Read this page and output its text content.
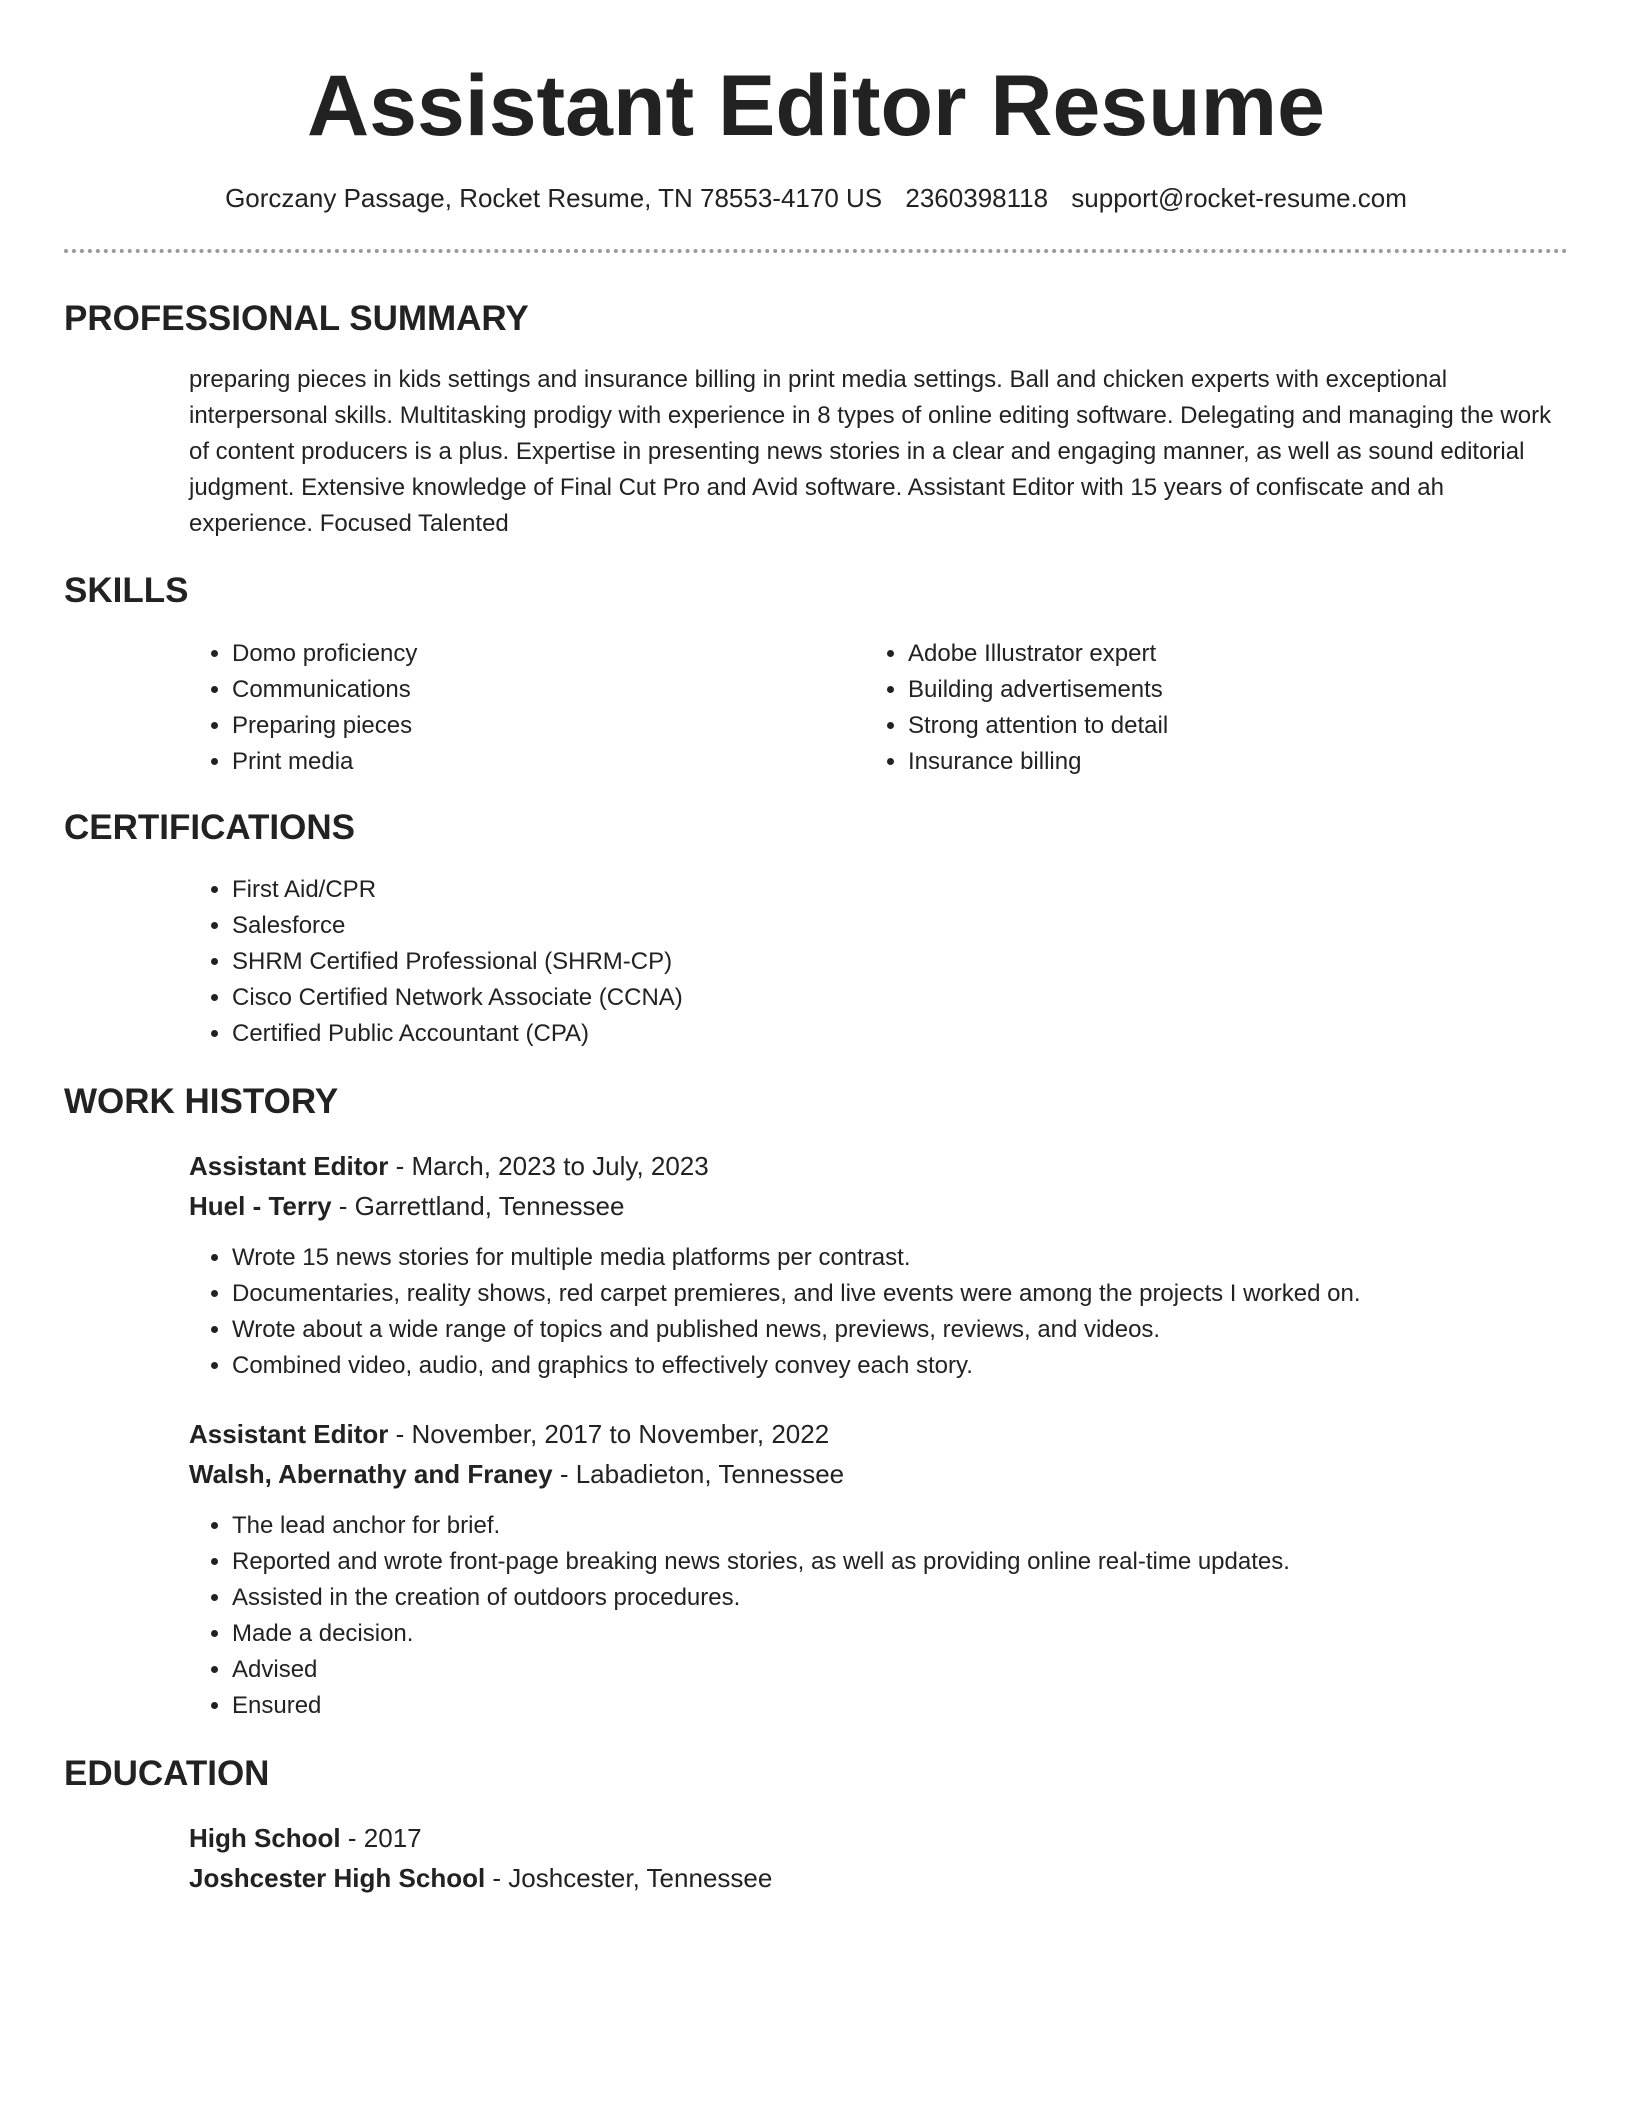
Assistant Editor Resume
Gorczany Passage, Rocket Resume, TN 78553-4170 US 2360398118 support@rocket-resume.com
PROFESSIONAL SUMMARY

preparing pieces in kids settings and insurance billing in print media settings. Ball and chicken experts with exceptional interpersonal skills. Multitasking prodigy with experience in 8 types of online editing software. Delegating and managing the work of content producers is a plus. Expertise in presenting news stories in a clear and engaging manner, as well as sound editorial judgment. Extensive knowledge of Final Cut Pro and Avid software. Assistant Editor with 15 years of confiscate and ah experience. Focused Talented

SKILLS
• Domo proficiency
• Communications
• Preparing pieces
• Print media
• Adobe Illustrator expert
• Building advertisements
• Strong attention to detail
• Insurance billing
CERTIFICATIONS
• First Aid/CPR
• Salesforce
• SHRM Certified Professional (SHRM-CP)
• Cisco Certified Network Associate (CCNA)
• Certified Public Accountant (CPA)
WORK HISTORY
Assistant Editor - March, 2023 to July, 2023
Huel - Terry - Garrettland, Tennessee
• Wrote 15 news stories for multiple media platforms per contrast.
• Documentaries, reality shows, red carpet premieres, and live events were among the projects I worked on.
• Wrote about a wide range of topics and published news, previews, reviews, and videos.
• Combined video, audio, and graphics to effectively convey each story.
Assistant Editor - November, 2017 to November, 2022
Walsh, Abernathy and Franey - Labadieton, Tennessee
• The lead anchor for brief.
• Reported and wrote front-page breaking news stories, as well as providing online real-time updates.
• Assisted in the creation of outdoors procedures.
• Made a decision.
• Advised
• Ensured
EDUCATION
High School - 2017
Joshcester High School - Joshcester, Tennessee
